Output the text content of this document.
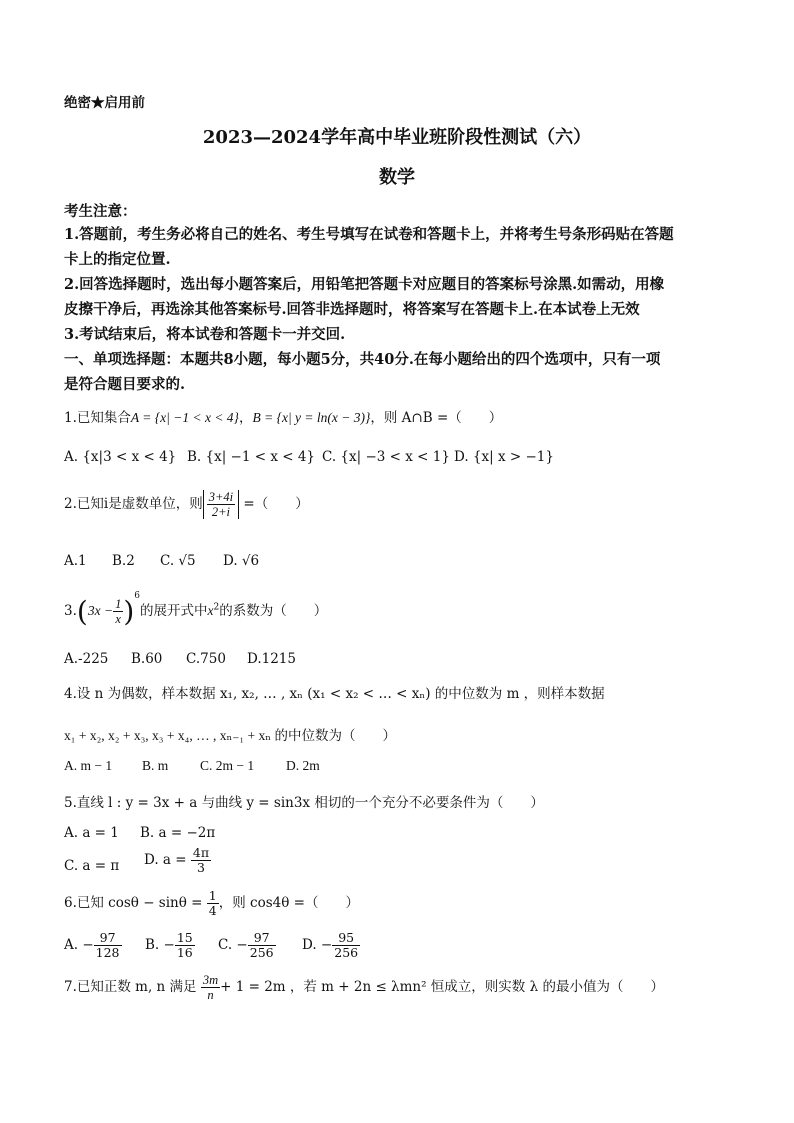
绝密★启用前
2023—2024学年高中毕业班阶段性测试（六）
数学
考生注意：
1.答题前，考生务必将自己的姓名、考生号填写在试卷和答题卡上，并将考生号条形码贴在答题
卡上的指定位置.
2.回答选择题时，选出每小题答案后，用铅笔把答题卡对应题目的答案标号涂黑.如需动，用橡
皮擦干净后，再选涂其他答案标号.回答非选择题时，将答案写在答题卡上.在本试卷上无效
3.考试结束后，将本试卷和答题卡一并交回.
一、单项选择题：本题共8小题，每小题5分，共40分.在每小题给出的四个选项中，只有一项
是符合题目要求的.
1.已知集合A = {x| −1 < x < 4}，B = {x| y = ln(x − 3)}，则 A∩B =（　　）
A. {x|3 < x < 4} B. {x| −1 < x < 4} C. {x| −3 < x < 1} D. {x| x > −1}
2.已知i是虚数单位，则 $\frac{3+4i}{2+i}$ =（　　）
A.1 B.2 C. √5 D. √6
$3.(3x - \frac{1}{x} )^6$的展开式中$x^2$的系数为（　　）
A.-225 B.60 C.750 D.1215
4.设 n 为偶数，样本数据 x₁, x₂, … , xₙ (x₁ < x₂ < … < xₙ) 的中位数为 m ，则样本数据
x₁ + x₂, x₂ + x₃, x₃ + x₄, … , xₙ₋₁ + xₙ 的中位数为（　　）
A. m − 1 B. m C. 2m − 1 D. 2m
5.直线 l : y = 3x + a 与曲线 y = sin3x 相切的一个充分不必要条件为（　　）
A. a = 1 B. a = −2π
C. a = π D. $a = \frac{4\pi}{3}$
6.已知 $\cos\theta - \sin\theta = \frac{1}{4}$ ，则 cos4θ =（　　）
A. − $\frac{97}{128} B$. − $\frac{15}{16} C$. − $\frac{97}{256} D$. − $\frac{95}{256}$
7.已知正数 m, n 满足 $\frac{3m}{n} + 1 = 2m$ ，若 m + 2n ≤ λmn² 恒成立，则实数 λ 的最小值为（　　）
